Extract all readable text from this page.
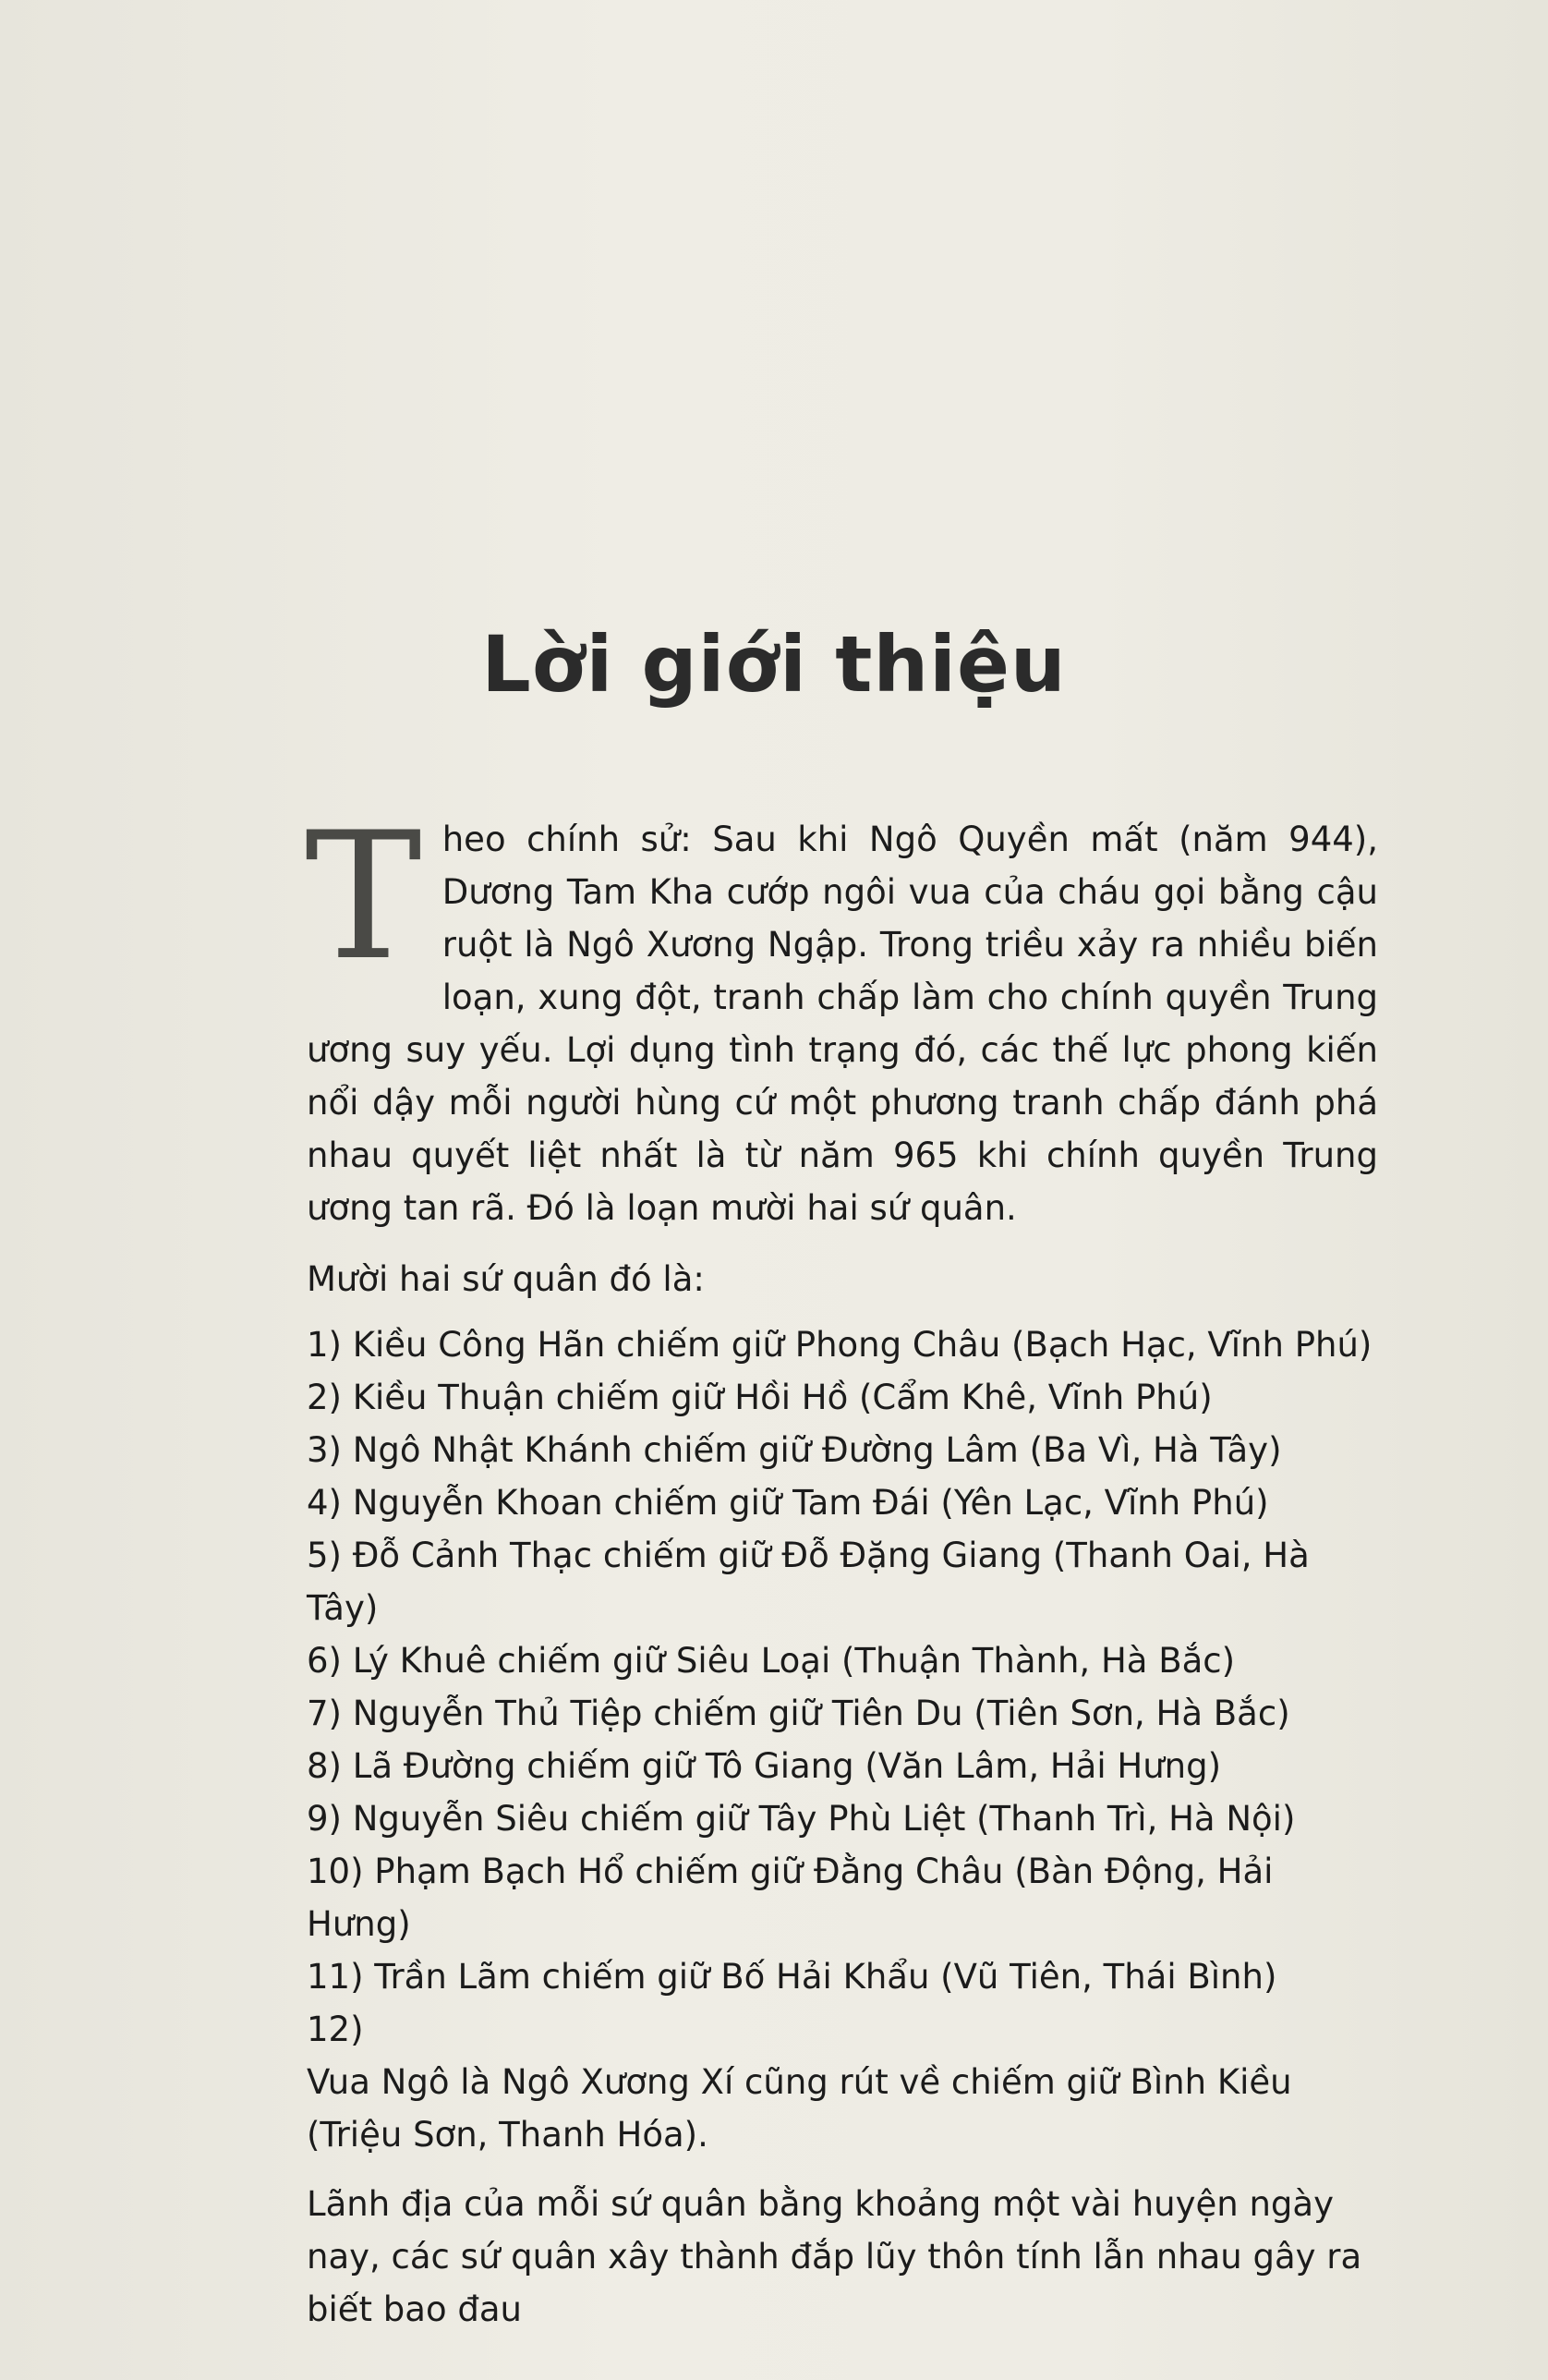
Lời giới thiệu

Theo chính sử: Sau khi Ngô Quyền mất (năm 944), Dương Tam Kha cướp ngôi vua của cháu gọi bằng cậu ruột là Ngô Xương Ngập. Trong triều xảy ra nhiều biến loạn, xung đột, tranh chấp làm cho chính quyền Trung ương suy yếu. Lợi dụng tình trạng đó, các thế lực phong kiến nổi dậy mỗi người hùng cứ một phương tranh chấp đánh phá nhau quyết liệt nhất là từ năm 965 khi chính quyền Trung ương tan rã. Đó là loạn mười hai sứ quân.

Mười hai sứ quân đó là:

1) Kiều Công Hãn chiếm giữ Phong Châu (Bạch Hạc, Vĩnh Phú)
2) Kiều Thuận chiếm giữ Hồi Hồ (Cẩm Khê, Vĩnh Phú)
3) Ngô Nhật Khánh chiếm giữ Đường Lâm (Ba Vì, Hà Tây)
4) Nguyễn Khoan chiếm giữ Tam Đái (Yên Lạc, Vĩnh Phú)
5) Đỗ Cảnh Thạc chiếm giữ Đỗ Đặng Giang (Thanh Oai, Hà Tây)
6) Lý Khuê chiếm giữ Siêu Loại (Thuận Thành, Hà Bắc)
7) Nguyễn Thủ Tiệp chiếm giữ Tiên Du (Tiên Sơn, Hà Bắc)
8) Lã Đường chiếm giữ Tô Giang (Văn Lâm, Hải Hưng)
9) Nguyễn Siêu chiếm giữ Tây Phù Liệt (Thanh Trì, Hà Nội)
10) Phạm Bạch Hổ chiếm giữ Đằng Châu (Bàn Động, Hải Hưng)
11) Trần Lãm chiếm giữ Bố Hải Khẩu (Vũ Tiên, Thái Bình)
12) Vua Ngô là Ngô Xương Xí cũng rút về chiếm giữ Bình Kiều (Triệu Sơn, Thanh Hóa).

Lãnh địa của mỗi sứ quân bằng khoảng một vài huyện ngày nay, các sứ quân xây thành đắp lũy thôn tính lẫn nhau gây ra biết bao đau
